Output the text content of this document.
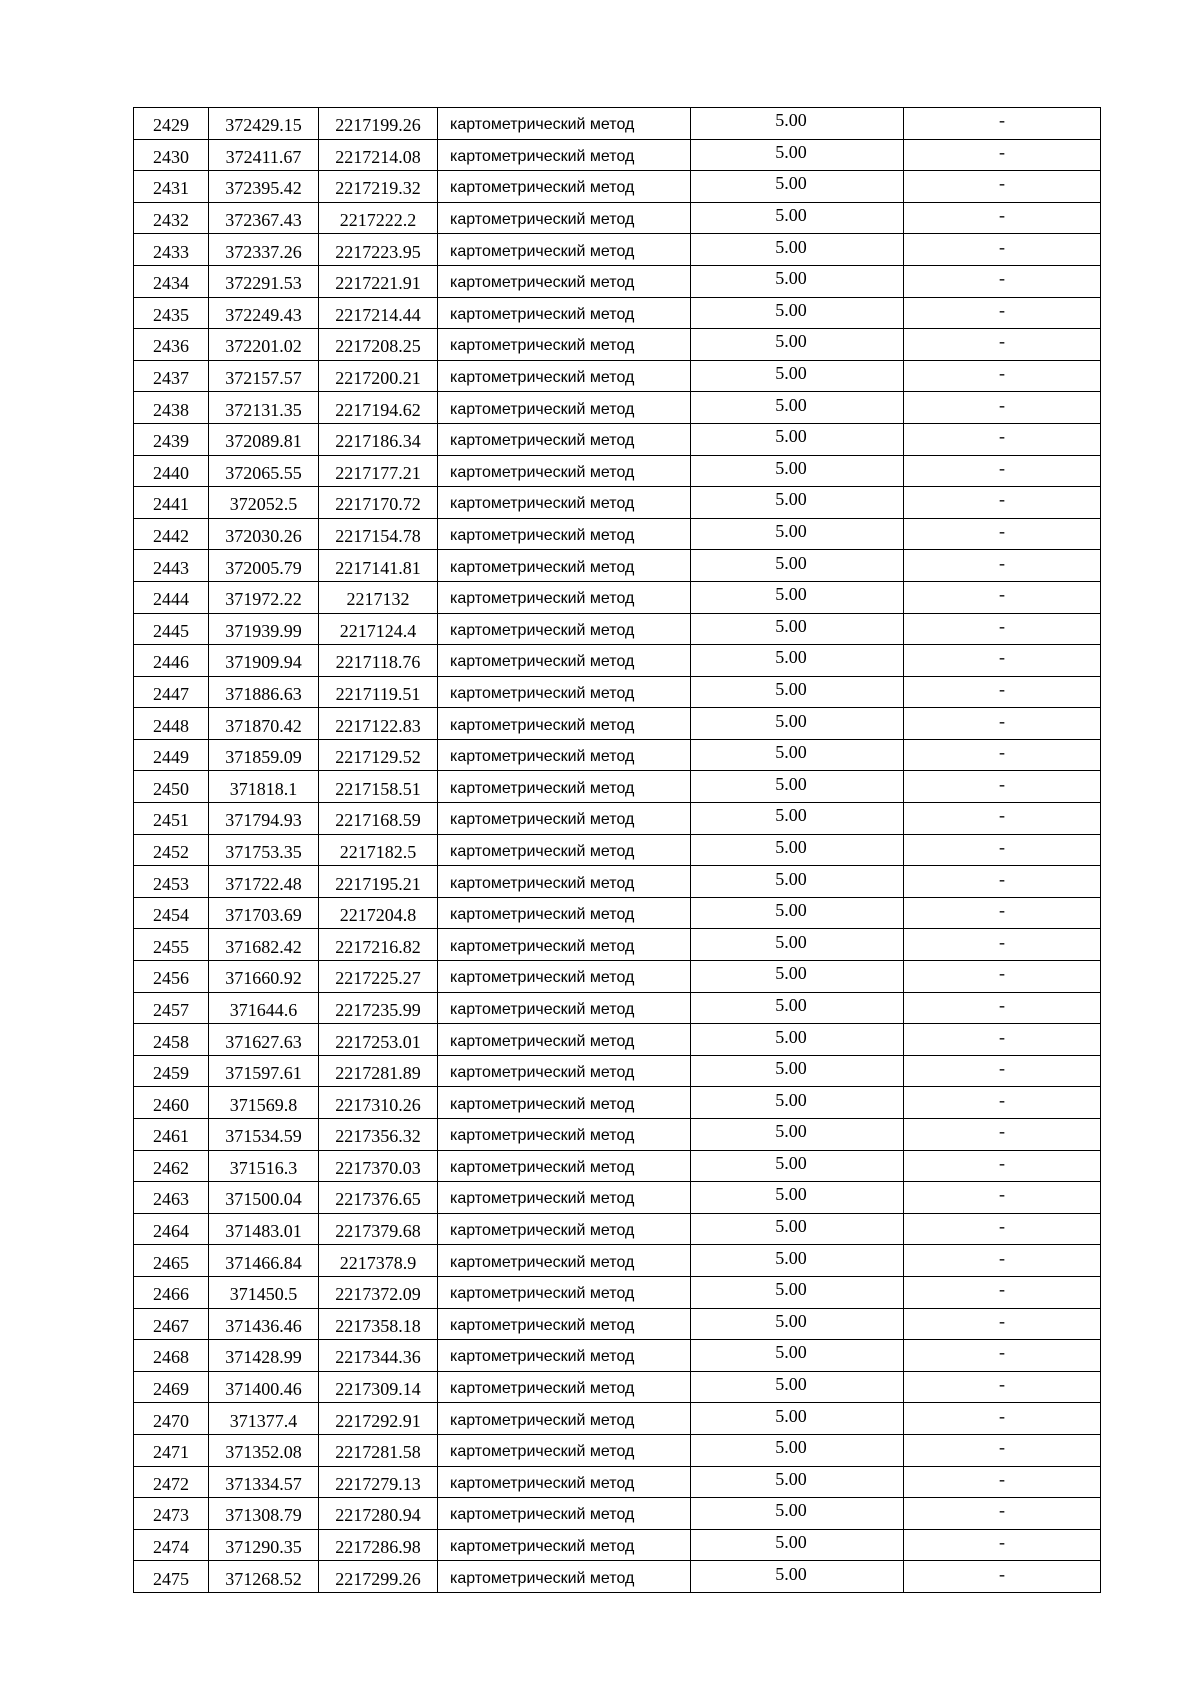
2429	372429.15	2217199.26	картометрический метод	5.00	-
2430	372411.67	2217214.08	картометрический метод	5.00	-
2431	372395.42	2217219.32	картометрический метод	5.00	-
2432	372367.43	2217222.2	картометрический метод	5.00	-
2433	372337.26	2217223.95	картометрический метод	5.00	-
2434	372291.53	2217221.91	картометрический метод	5.00	-
2435	372249.43	2217214.44	картометрический метод	5.00	-
2436	372201.02	2217208.25	картометрический метод	5.00	-
2437	372157.57	2217200.21	картометрический метод	5.00	-
2438	372131.35	2217194.62	картометрический метод	5.00	-
2439	372089.81	2217186.34	картометрический метод	5.00	-
2440	372065.55	2217177.21	картометрический метод	5.00	-
2441	372052.5	2217170.72	картометрический метод	5.00	-
2442	372030.26	2217154.78	картометрический метод	5.00	-
2443	372005.79	2217141.81	картометрический метод	5.00	-
2444	371972.22	2217132	картометрический метод	5.00	-
2445	371939.99	2217124.4	картометрический метод	5.00	-
2446	371909.94	2217118.76	картометрический метод	5.00	-
2447	371886.63	2217119.51	картометрический метод	5.00	-
2448	371870.42	2217122.83	картометрический метод	5.00	-
2449	371859.09	2217129.52	картометрический метод	5.00	-
2450	371818.1	2217158.51	картометрический метод	5.00	-
2451	371794.93	2217168.59	картометрический метод	5.00	-
2452	371753.35	2217182.5	картометрический метод	5.00	-
2453	371722.48	2217195.21	картометрический метод	5.00	-
2454	371703.69	2217204.8	картометрический метод	5.00	-
2455	371682.42	2217216.82	картометрический метод	5.00	-
2456	371660.92	2217225.27	картометрический метод	5.00	-
2457	371644.6	2217235.99	картометрический метод	5.00	-
2458	371627.63	2217253.01	картометрический метод	5.00	-
2459	371597.61	2217281.89	картометрический метод	5.00	-
2460	371569.8	2217310.26	картометрический метод	5.00	-
2461	371534.59	2217356.32	картометрический метод	5.00	-
2462	371516.3	2217370.03	картометрический метод	5.00	-
2463	371500.04	2217376.65	картометрический метод	5.00	-
2464	371483.01	2217379.68	картометрический метод	5.00	-
2465	371466.84	2217378.9	картометрический метод	5.00	-
2466	371450.5	2217372.09	картометрический метод	5.00	-
2467	371436.46	2217358.18	картометрический метод	5.00	-
2468	371428.99	2217344.36	картометрический метод	5.00	-
2469	371400.46	2217309.14	картометрический метод	5.00	-
2470	371377.4	2217292.91	картометрический метод	5.00	-
2471	371352.08	2217281.58	картометрический метод	5.00	-
2472	371334.57	2217279.13	картометрический метод	5.00	-
2473	371308.79	2217280.94	картометрический метод	5.00	-
2474	371290.35	2217286.98	картометрический метод	5.00	-
2475	371268.52	2217299.26	картометрический метод	5.00	-
